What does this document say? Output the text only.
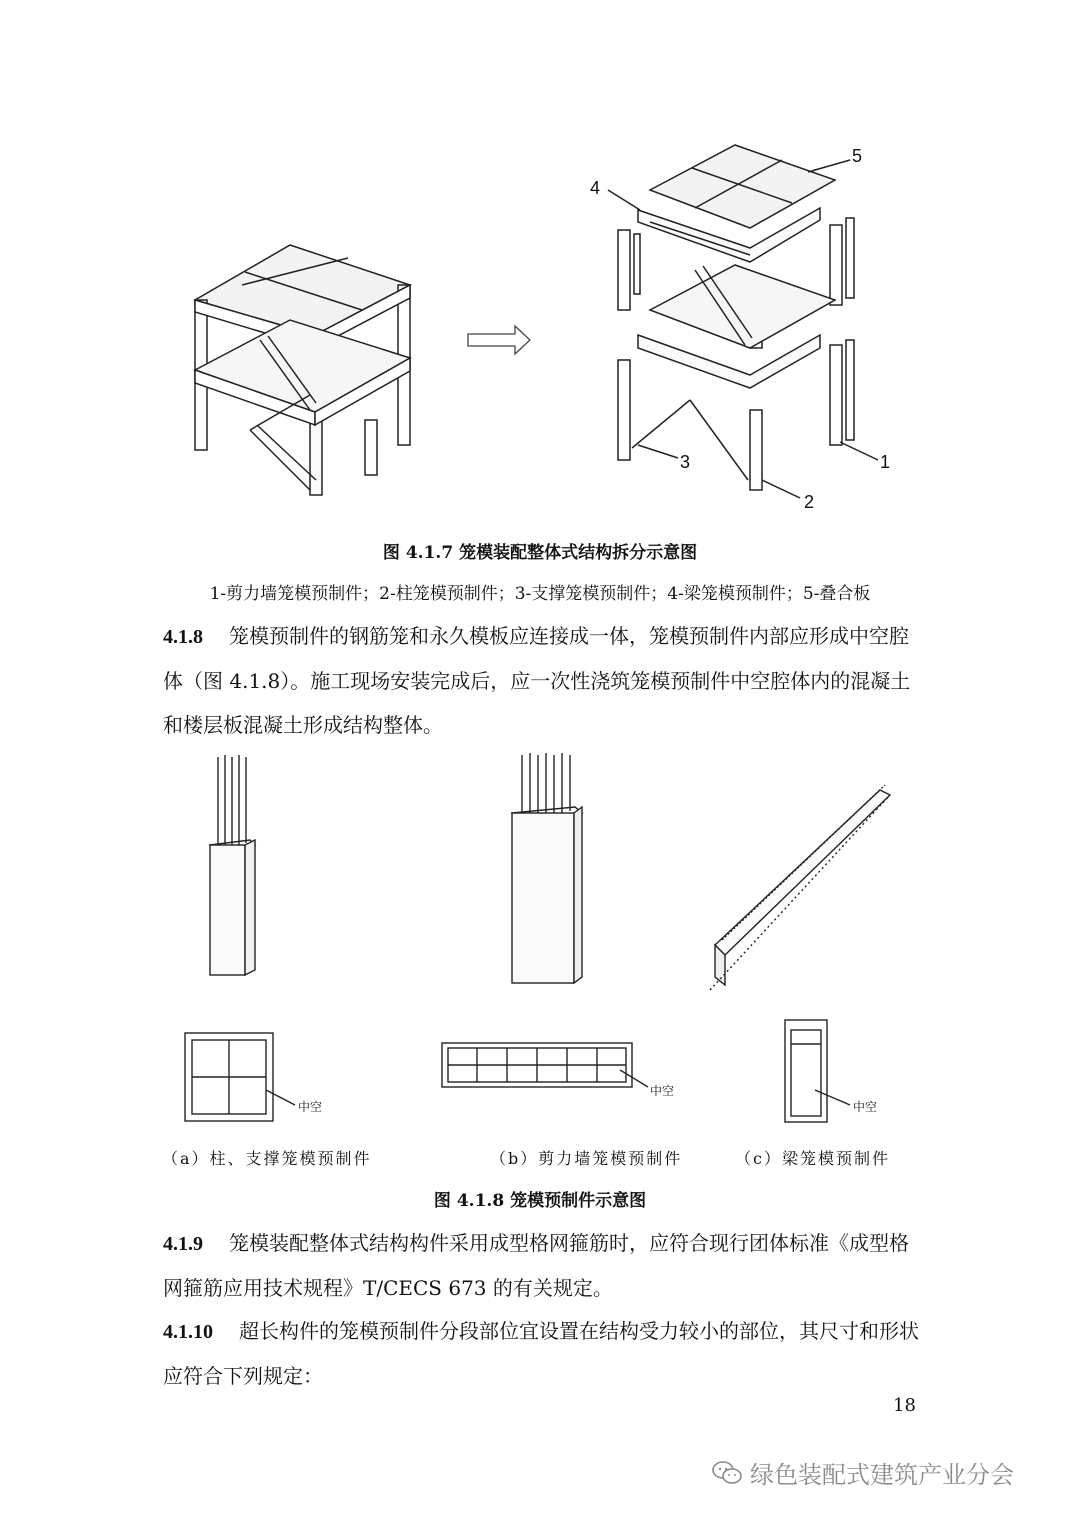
1
2
3
4
5
图 4.1.7 笼模装配整体式结构拆分示意图
1-剪力墙笼模预制件；2-柱笼模预制件；3-支撑笼模预制件；4-梁笼模预制件；5-叠合板
4.1.8 笼模预制件的钢筋笼和永久模板应连接成一体，笼模预制件内部应形成中空腔体（图 4.1.8）。施工现场安装完成后，应一次性浇筑笼模预制件中空腔体内的混凝土和楼层板混凝土形成结构整体。
中空
中空
中空
（a）柱、支撑笼模预制件	（b）剪力墙笼模预制件	（c）梁笼模预制件
图 4.1.8 笼模预制件示意图
4.1.9 笼模装配整体式结构构件采用成型格网箍筋时，应符合现行团体标准《成型格网箍筋应用技术规程》T/CECS 673 的有关规定。
4.1.10 超长构件的笼模预制件分段部位宜设置在结构受力较小的部位，其尺寸和形状应符合下列规定：
18
绿色装配式建筑产业分会
